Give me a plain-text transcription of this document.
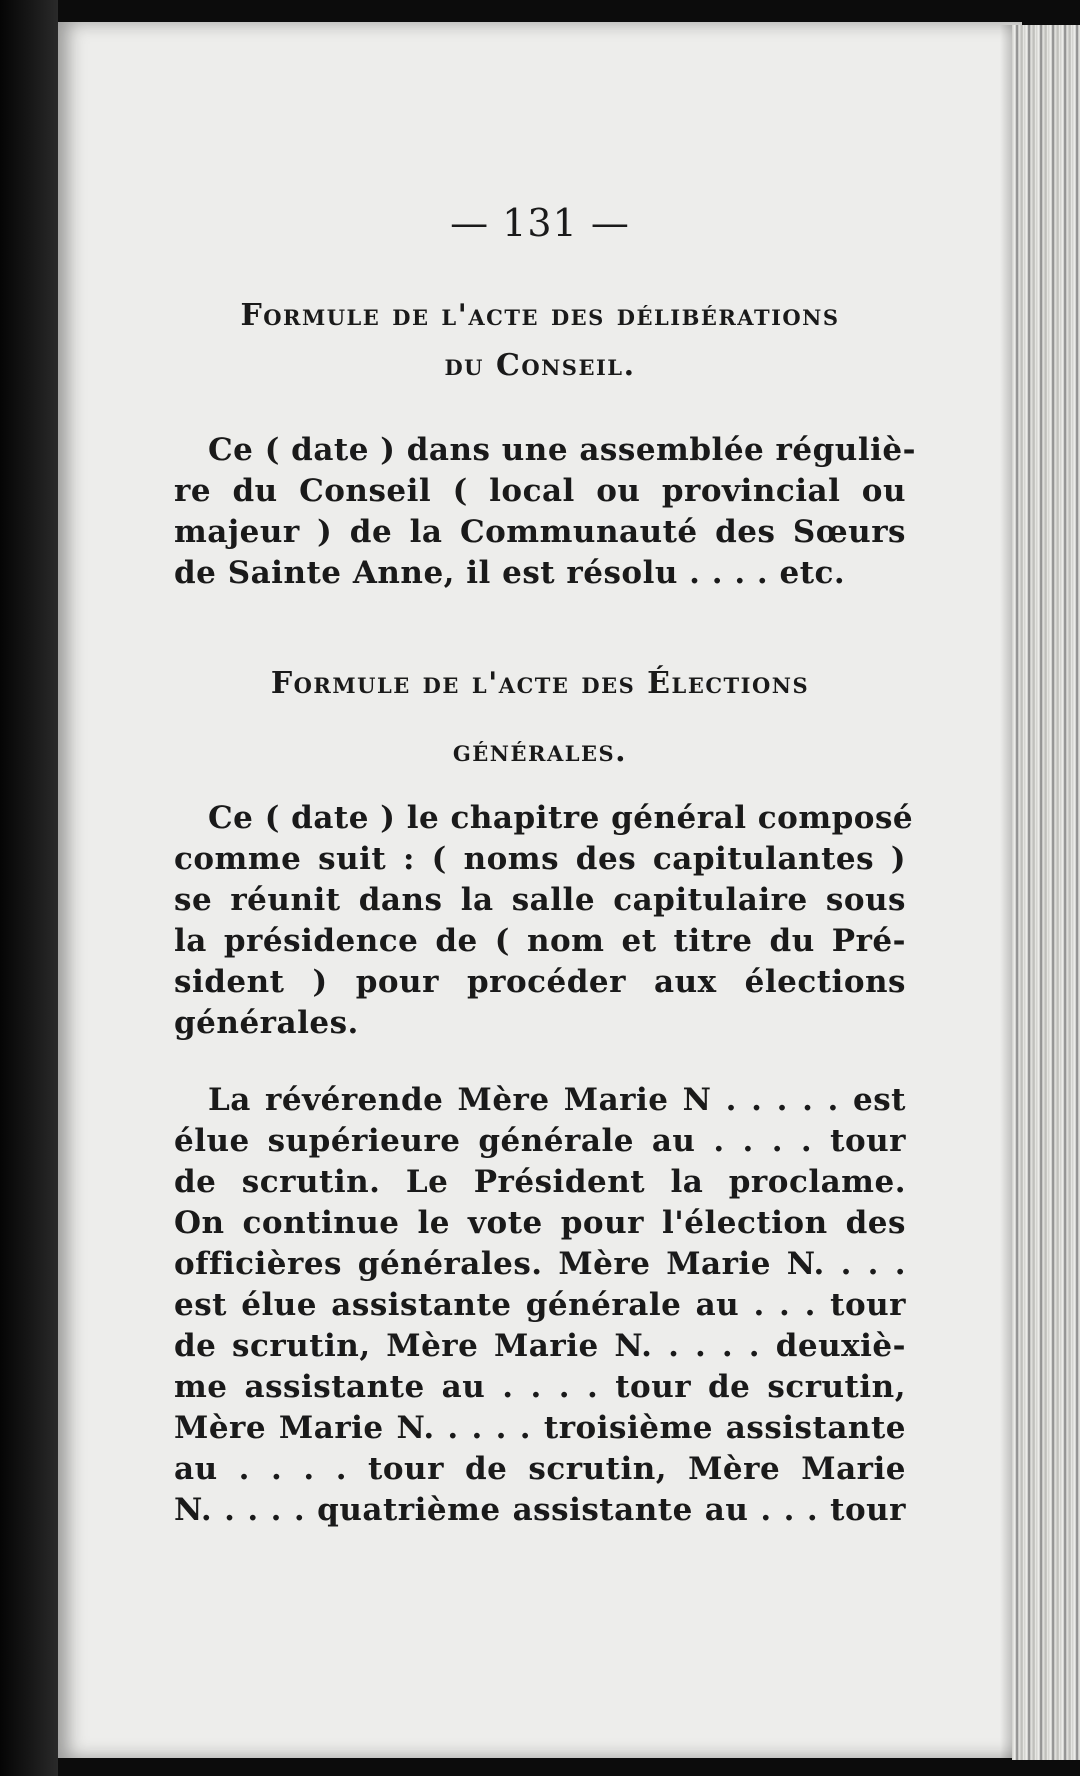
— 131 —
Formule de l'acte des délibérations
du Conseil.
Ce ( date ) dans une assemblée réguliè-
re du Conseil ( local ou provincial ou
majeur ) de la Communauté des Sœurs
de Sainte Anne, il est résolu . . . . etc.
Formule de l'acte des Élections
générales.
Ce ( date ) le chapitre général composé
comme suit : ( noms des capitulantes )
se réunit dans la salle capitulaire sous
la présidence de ( nom et titre du Pré-
sident ) pour procéder aux élections
générales.
La révérende Mère Marie N . . . . . est
élue supérieure générale au . . . . tour
de scrutin. Le Président la proclame.
On continue le vote pour l'élection des
officières générales. Mère Marie N. . . .
est élue assistante générale au . . . tour
de scrutin, Mère Marie N. . . . . deuxiè-
me assistante au . . . . tour de scrutin,
Mère Marie N. . . . . troisième assistante
au . . . . tour de scrutin, Mère Marie
N. . . . . quatrième assistante au . . . tour
